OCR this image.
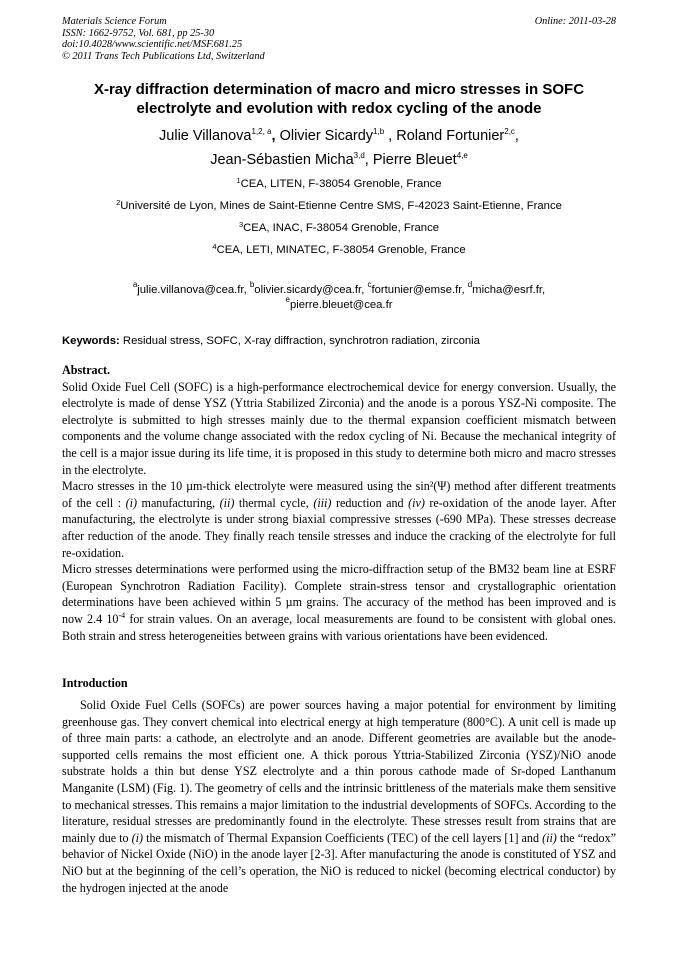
Materials Science Forum
ISSN: 1662-9752, Vol. 681, pp 25-30
doi:10.4028/www.scientific.net/MSF.681.25
© 2011 Trans Tech Publications Ltd, Switzerland
Online: 2011-03-28
X-ray diffraction determination of macro and micro stresses in SOFC
electrolyte and evolution with redox cycling of the anode
Julie Villanova$^{1,2, a}$, Olivier Sicardy$^{1,b}$ , Roland Fortunier$^{2,c}$,
Jean-Sébastien Micha$^{3,d}$, Pierre Bleuet$^{4,e}$
$^1$CEA, LITEN, F-38054 Grenoble, France
$^2$Université de Lyon, Mines de Saint-Etienne Centre SMS, F-42023 Saint-Etienne, France
$^3$CEA, INAC, F-38054 Grenoble, France
$^4$CEA, LETI, MINATEC, F-38054 Grenoble, France
$^a$julie.villanova@cea.fr, $^b$olivier.sicardy@cea.fr, $^c$fortunier@emse.fr, $^d$micha@esrf.fr,
$^e$pierre.bleuet@cea.fr
Keywords: Residual stress, SOFC, X-ray diffraction, synchrotron radiation, zirconia
Abstract.

Solid Oxide Fuel Cell (SOFC) is a high-performance electrochemical device for energy conversion. Usually, the electrolyte is made of dense YSZ (Yttria Stabilized Zirconia) and the anode is a porous YSZ-Ni composite. The electrolyte is submitted to high stresses mainly due to the thermal expansion coefficient mismatch between components and the volume change associated with the redox cycling of Ni. Because the mechanical integrity of the cell is a major issue during its life time, it is proposed in this study to determine both micro and macro stresses in the electrolyte.

Macro stresses in the 10 µm-thick electrolyte were measured using the sin²(Ψ) method after different treatments of the cell : (i) manufacturing, (ii) thermal cycle, (iii) reduction and (iv) re-oxidation of the anode layer. After manufacturing, the electrolyte is under strong biaxial compressive stresses (-690 MPa). These stresses decrease after reduction of the anode. They finally reach tensile stresses and induce the cracking of the electrolyte for full re-oxidation.

Micro stresses determinations were performed using the micro-diffraction setup of the BM32 beam line at ESRF (European Synchrotron Radiation Facility). Complete strain-stress tensor and crystallographic orientation determinations have been achieved within 5 µm grains. The accuracy of the method has been improved and is now 2.4 $10^{-4}$ for strain values. On an average, local measurements are found to be consistent with global ones. Both strain and stress heterogeneities between grains with various orientations have been evidenced.

Introduction

Solid Oxide Fuel Cells (SOFCs) are power sources having a major potential for environment by limiting greenhouse gas. They convert chemical into electrical energy at high temperature (800°C). A unit cell is made up of three main parts: a cathode, an electrolyte and an anode. Different geometries are available but the anode-supported cells remains the most efficient one. A thick porous Yttria-Stabilized Zirconia (YSZ)/NiO anode substrate holds a thin but dense YSZ electrolyte and a thin porous cathode made of Sr-doped Lanthanum Manganite (LSM) (Fig. 1). The geometry of cells and the intrinsic brittleness of the materials make them sensitive to mechanical stresses. This remains a major limitation to the industrial developments of SOFCs. According to the literature, residual stresses are predominantly found in the electrolyte. These stresses result from strains that are mainly due to (i) the mismatch of Thermal Expansion Coefficients (TEC) of the cell layers [1] and (ii) the “redox” behavior of Nickel Oxide (NiO) in the anode layer [2-3]. After manufacturing the anode is constituted of YSZ and NiO but at the beginning of the cell’s operation, the NiO is reduced to nickel (becoming electrical conductor) by the hydrogen injected at the anode
